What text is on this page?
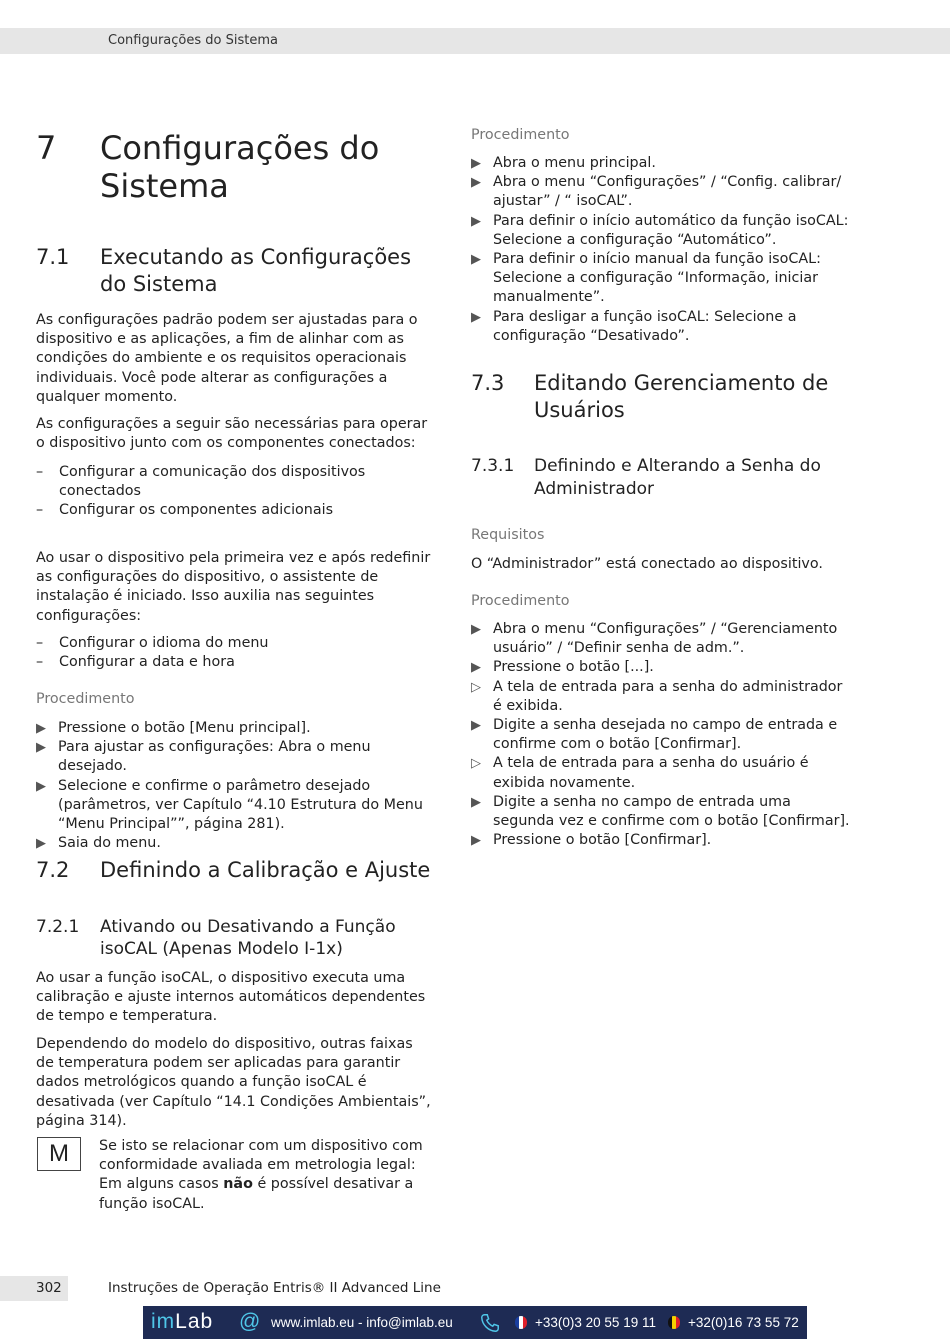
Configurações do Sistema
7 Configurações do
Sistema
7.1 Executando as Configurações
do Sistema

As configurações padrão podem ser ajustadas para o dispositivo e as aplicações, a fim de alinhar com as condições do ambiente e os requisitos operacionais individuais. Você pode alterar as configurações a qualquer momento.

As configurações a seguir são necessárias para operar o dispositivo junto com os componentes conectados:

– Configurar a comunicação dos dispositivos conectados
– Configurar os componentes adicionais

Ao usar o dispositivo pela primeira vez e após redefinir as configurações do dispositivo, o assistente de instalação é iniciado. Isso auxilia nas seguintes configurações:

– Configurar o idioma do menu
– Configurar a data e hora
Procedimento
▶ Pressione o botão [Menu principal].
▶ Para ajustar as configurações: Abra o menu desejado.
▶ Selecione e confirme o parâmetro desejado (parâmetros, ver Capítulo “4.10 Estrutura do Menu “Menu Principal””, página 281).
▶ Saia do menu.
7.2 Definindo a Calibração e Ajuste
7.2.1 Ativando ou Desativando a Função
isoCAL (Apenas Modelo I-1x)

Ao usar a função isoCAL, o dispositivo executa uma calibração e ajuste internos automáticos dependentes de tempo e temperatura.

Dependendo do modelo do dispositivo, outras faixas de temperatura podem ser aplicadas para garantir dados metrológicos quando a função isoCAL é desativada (ver Capítulo “14.1 Condições Ambientais”, página 314).

M	Se isto se relacionar com um dispositivo com conformidade avaliada em metrologia legal: Em alguns casos não é possível desativar a função isoCAL.

Procedimento
▶ Abra o menu principal.
▶ Abra o menu “Configurações” / “Config. calibrar/ ajustar” / “ isoCAL”.
▶ Para definir o início automático da função isoCAL: Selecione a configuração “Automático”.
▶ Para definir o início manual da função isoCAL: Selecione a configuração “Informação, iniciar manualmente”.
▶ Para desligar a função isoCAL: Selecione a configuração “Desativado”.
7.3 Editando Gerenciamento de
Usuários
7.3.1 Definindo e Alterando a Senha do
Administrador
Requisitos

O “Administrador” está conectado ao dispositivo.

Procedimento
▶ Abra o menu “Configurações” / “Gerenciamento usuário” / “Definir senha de adm.”.
▶ Pressione o botão [...].
▷ A tela de entrada para a senha do administrador é exibida.
▶ Digite a senha desejada no campo de entrada e confirme com o botão [Confirmar].
▷ A tela de entrada para a senha do usuário é exibida novamente.
▶ Digite a senha no campo de entrada uma segunda vez e confirme com o botão [Confirmar].
▶ Pressione o botão [Confirmar].
302	Instruções de Operação Entris® II Advanced Line
imLab @ www.imlab.eu - info@imlab.eu	+33(0)3 20 55 19 11 +32(0)16 73 55 72
